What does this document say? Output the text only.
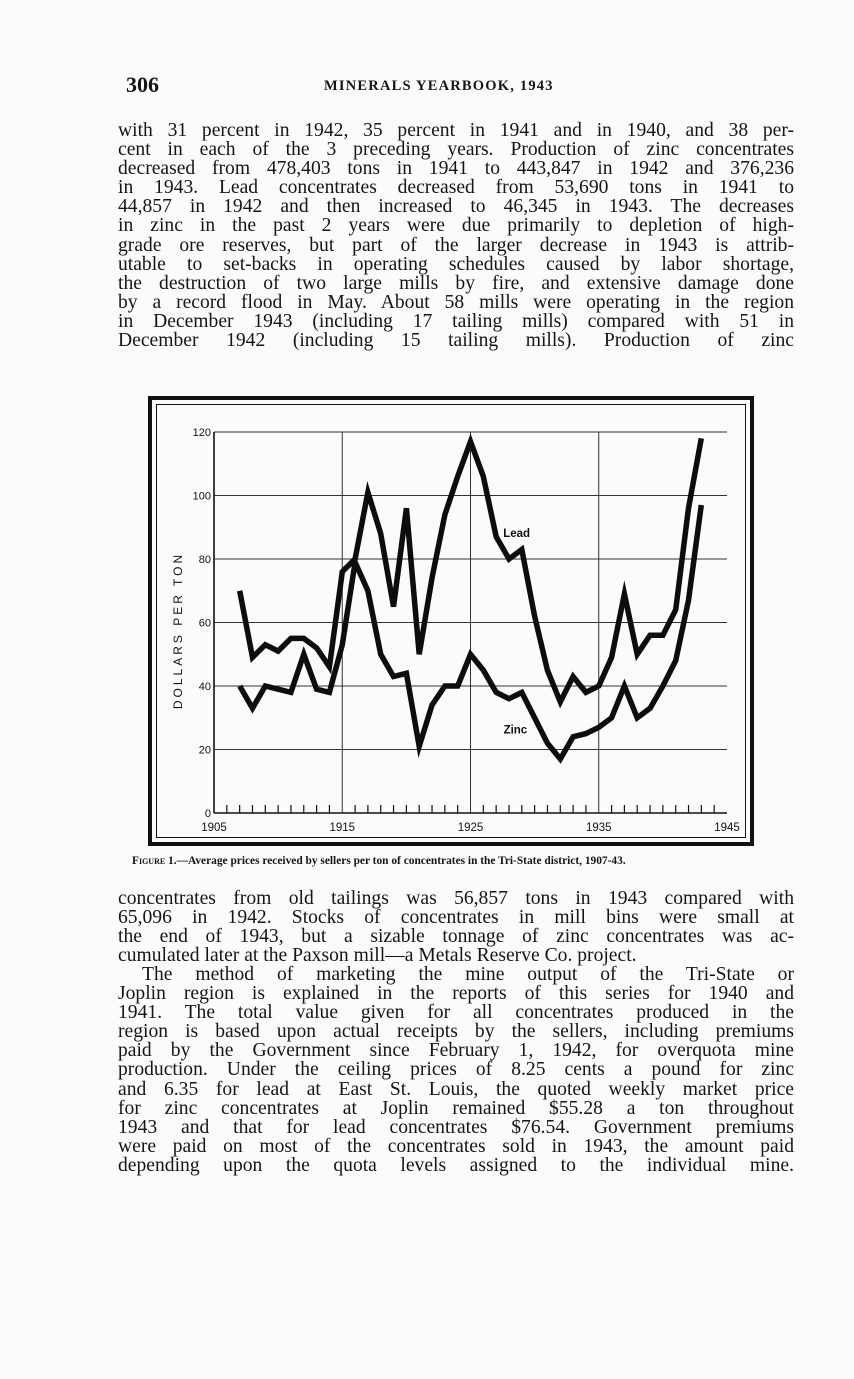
306	MINERALS YEARBOOK, 1943
with 31 percent in 1942, 35 percent in 1941 and in 1940, and 38 per-
cent in each of the 3 preceding years. Production of zinc concentrates
decreased from 478,403 tons in 1941 to 443,847 in 1942 and 376,236
in 1943. Lead concentrates decreased from 53,690 tons in 1941 to
44,857 in 1942 and then increased to 46,345 in 1943. The decreases
in zinc in the past 2 years were due primarily to depletion of high-
grade ore reserves, but part of the larger decrease in 1943 is attrib-
utable to set-backs in operating schedules caused by labor shortage,
the destruction of two large mills by fire, and extensive damage done
by a record flood in May. About 58 mills were operating in the region
in December 1943 (including 17 tailing mills) compared with 51 in
December 1942 (including 15 tailing mills). Production of zinc
0
20
40
60
80
100
120
1905	1915	1925	1935	1945
DOLLARS PER TON
Lead
Zinc
Figure 1.—Average prices received by sellers per ton of concentrates in the Tri-State district, 1907-43.
concentrates from old tailings was 56,857 tons in 1943 compared with
65,096 in 1942. Stocks of concentrates in mill bins were small at
the end of 1943, but a sizable tonnage of zinc concentrates was ac-
cumulated later at the Paxson mill—a Metals Reserve Co. project.
The method of marketing the mine output of the Tri-State or
Joplin region is explained in the reports of this series for 1940 and
1941. The total value given for all concentrates produced in the
region is based upon actual receipts by the sellers, including premiums
paid by the Government since February 1, 1942, for overquota mine
production. Under the ceiling prices of 8.25 cents a pound for zinc
and 6.35 for lead at East St. Louis, the quoted weekly market price
for zinc concentrates at Joplin remained $55.28 a ton throughout
1943 and that for lead concentrates $76.54. Government premiums
were paid on most of the concentrates sold in 1943, the amount paid
depending upon the quota levels assigned to the individual mine.
